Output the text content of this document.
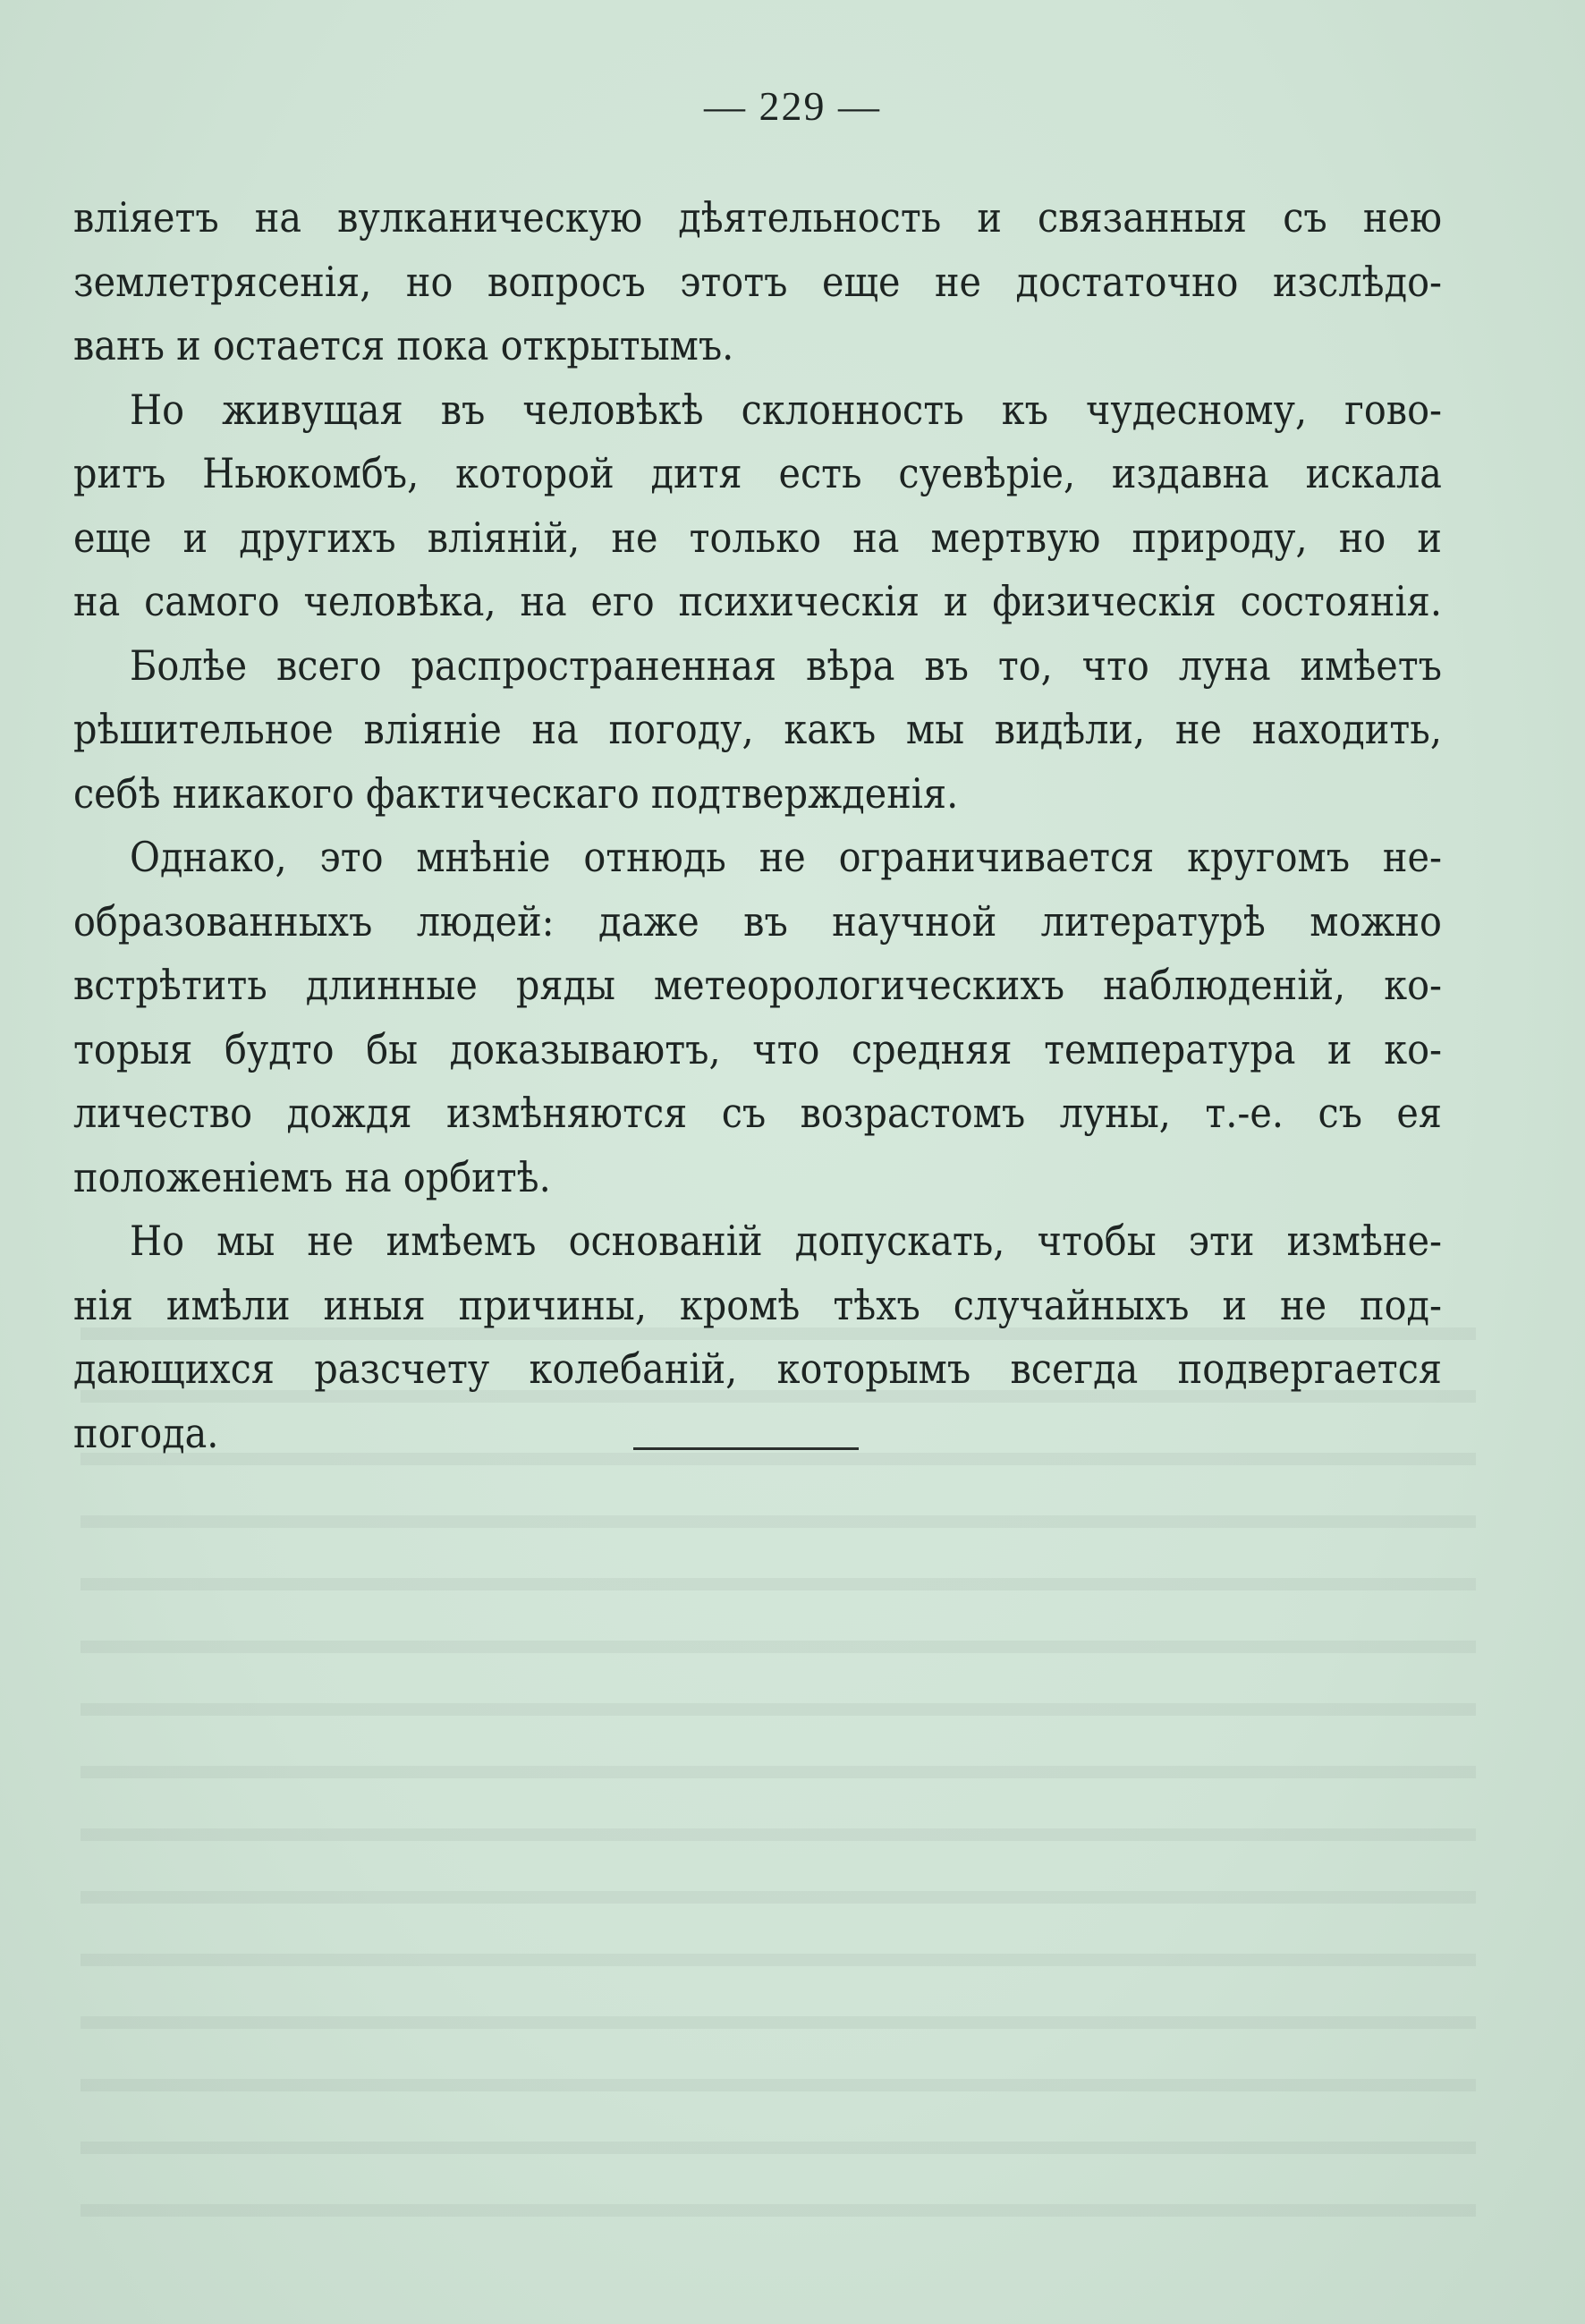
— 229 —

вліяетъ на вулканическую дѣятельность и связанныя съ нею
землетрясенія, но вопросъ этотъ еще не достаточно изслѣдо-
ванъ и остается пока открытымъ.

Но живущая въ человѣкѣ склонность къ чудесному, гово-
ритъ Ньюкомбъ, которой дитя есть суевѣріе, издавна искала
еще и другихъ вліяній, не только на мертвую природу, но и
на самого человѣка, на его психическія и физическія состоянія.

Болѣе всего распространенная вѣра въ то, что луна имѣетъ
рѣшительное вліяніе на погоду, какъ мы видѣли, не находить,
себѣ никакого фактическаго подтвержденія.

Однако, это мнѣніе отнюдь не ограничивается кругомъ не-
образованныхъ людей: даже въ научной литературѣ можно
встрѣтить длинные ряды метеорологическихъ наблюденій, ко-
торыя будто бы доказываютъ, что средняя температура и ко-
личество дождя измѣняются съ возрастомъ луны, т.-е. съ ея
положеніемъ на орбитѣ.

Но мы не имѣемъ основаній допускать, чтобы эти измѣне-
нія имѣли иныя причины, кромѣ тѣхъ случайныхъ и не под-
дающихся разсчету колебаній, которымъ всегда подвергается
погода.
